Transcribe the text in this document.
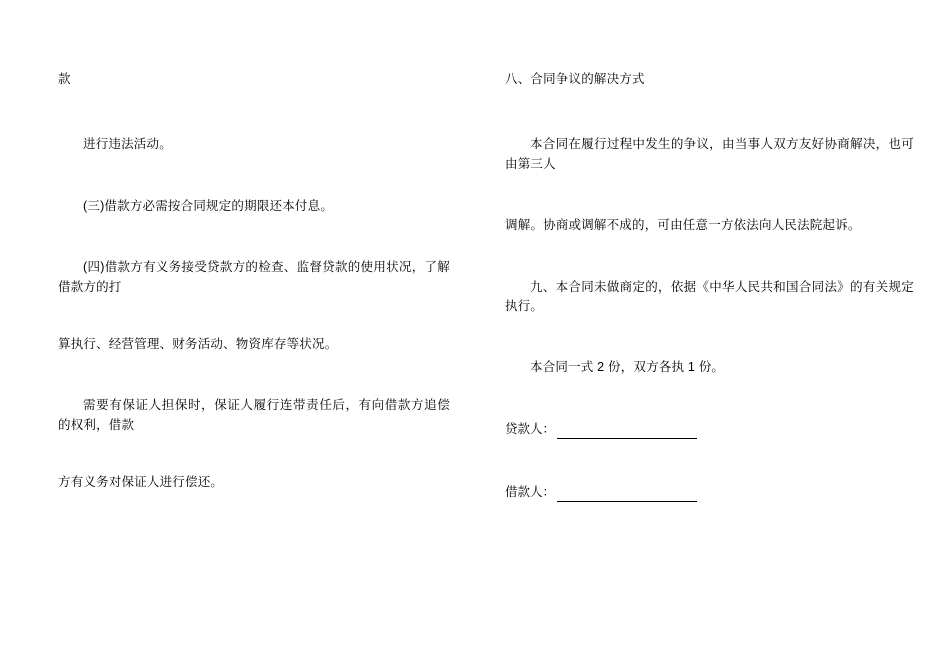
款

进行违法活动。

(三)借款方必需按合同规定的期限还本付息。

(四)借款方有义务接受贷款方的检查、监督贷款的使用状况，了解借款方的打

算执行、经营管理、财务活动、物资库存等状况。

需要有保证人担保时，保证人履行连带责任后，有向借款方追偿的权利，借款

方有义务对保证人进行偿还。

八、合同争议的解决方式

本合同在履行过程中发生的争议，由当事人双方友好协商解决，也可由第三人

调解。协商或调解不成的，可由任意一方依法向人民法院起诉。

九、本合同未做商定的，依据《中华人民共和国合同法》的有关规定执行。

本合同一式 2 份，双方各执 1 份。

贷款人：
借款人：
